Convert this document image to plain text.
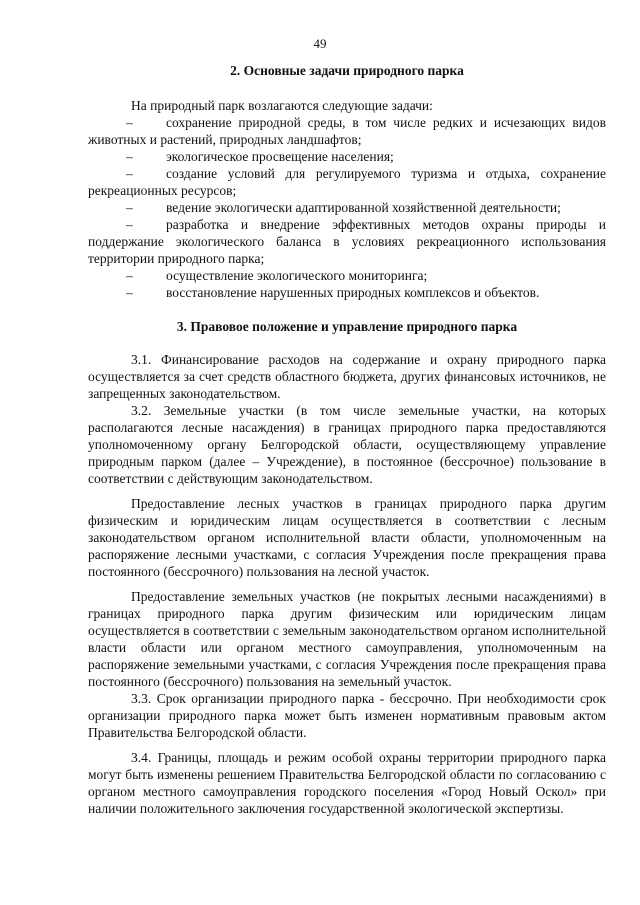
49
2. Основные задачи природного парка

На природный парк возлагаются следующие задачи:

– сохранение природной среды, в том числе редких и исчезающих видов животных и растений, природных ландшафтов;

– экологическое просвещение населения;

– создание условий для регулируемого туризма и отдыха, сохранение рекреационных ресурсов;

– ведение экологически адаптированной хозяйственной деятельности;

– разработка и внедрение эффективных методов охраны природы и поддержание экологического баланса в условиях рекреационного использования территории природного парка;

– осуществление экологического мониторинга;

– восстановление нарушенных природных комплексов и объектов.

3. Правовое положение и управление природного парка

3.1. Финансирование расходов на содержание и охрану природного парка осуществляется за счет средств областного бюджета, других финансовых источников, не запрещенных законодательством.

3.2. Земельные участки (в том числе земельные участки, на которых располагаются лесные насаждения) в границах природного парка предоставляются уполномоченному органу Белгородской области, осуществляющему управление природным парком (далее – Учреждение), в постоянное (бессрочное) пользование в соответствии с действующим законодательством.

Предоставление лесных участков в границах природного парка другим физическим и юридическим лицам осуществляется в соответствии с лесным законодательством органом исполнительной власти области, уполномоченным на распоряжение лесными участками, с согласия Учреждения после прекращения права постоянного (бессрочного) пользования на лесной участок.

Предоставление земельных участков (не покрытых лесными насаждениями) в границах природного парка другим физическим или юридическим лицам осуществляется в соответствии с земельным законодательством органом исполнительной власти области или органом местного самоуправления, уполномоченным на распоряжение земельными участками, с согласия Учреждения после прекращения права постоянного (бессрочного) пользования на земельный участок.

3.3. Срок организации природного парка - бессрочно. При необходимости срок организации природного парка может быть изменен нормативным правовым актом Правительства Белгородской области.

3.4. Границы, площадь и режим особой охраны территории природного парка могут быть изменены решением Правительства Белгородской области по согласованию с органом местного самоуправления городского поселения «Город Новый Оскол» при наличии положительного заключения государственной экологической экспертизы.
